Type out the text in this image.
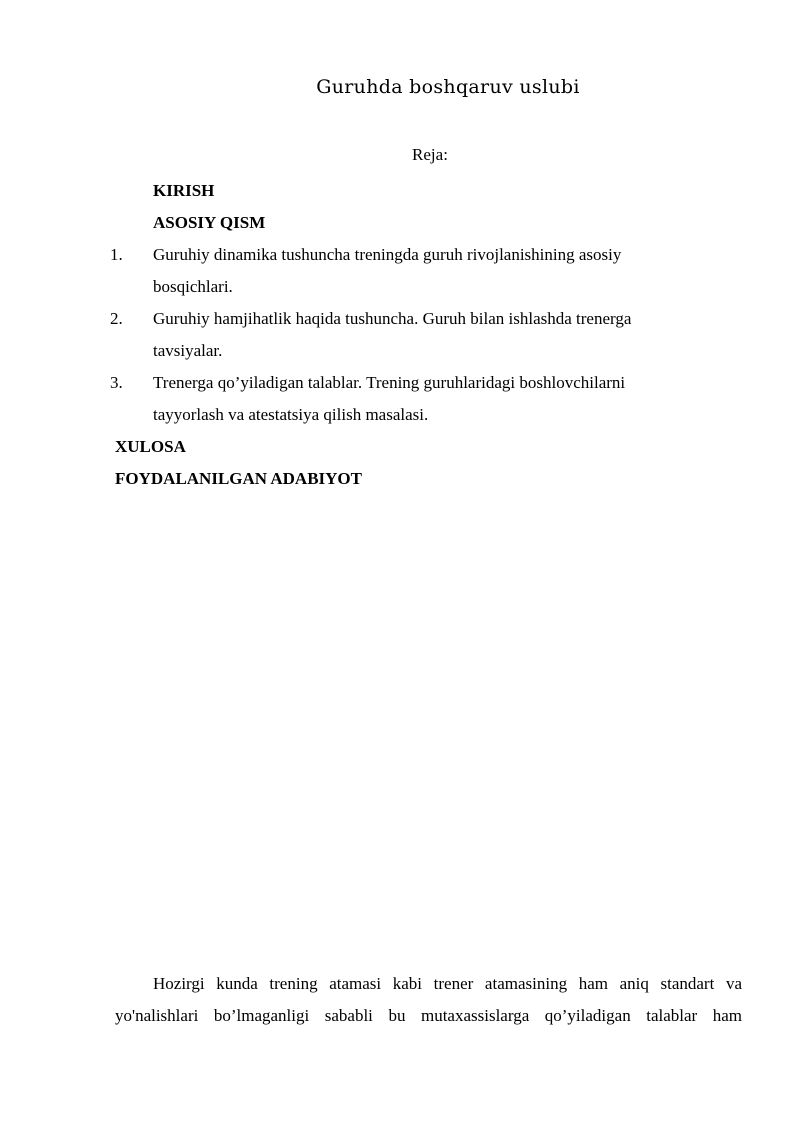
Guruhda boshqaruv uslubi
Reja:
KIRISH
ASOSIY QISM
1. Guruhiy dinamika tushuncha treningda guruh rivojlanishining asosiy
bosqichlari.
2. Guruhiy hamjihatlik haqida tushuncha. Guruh bilan ishlashda trenerga
tavsiyalar.
3. Trenerga qo’yiladigan talablar. Trening guruhlaridagi boshlovchilarni
tayyorlash va atestatsiya qilish masalasi.
XULOSA
FOYDALANILGAN ADABIYOT
Hozirgi kunda trening atamasi kabi trener atamasining ham aniq standart va
yo'nalishlari bo’lmaganligi sababli bu mutaxassislarga qo’yiladigan talablar ham
